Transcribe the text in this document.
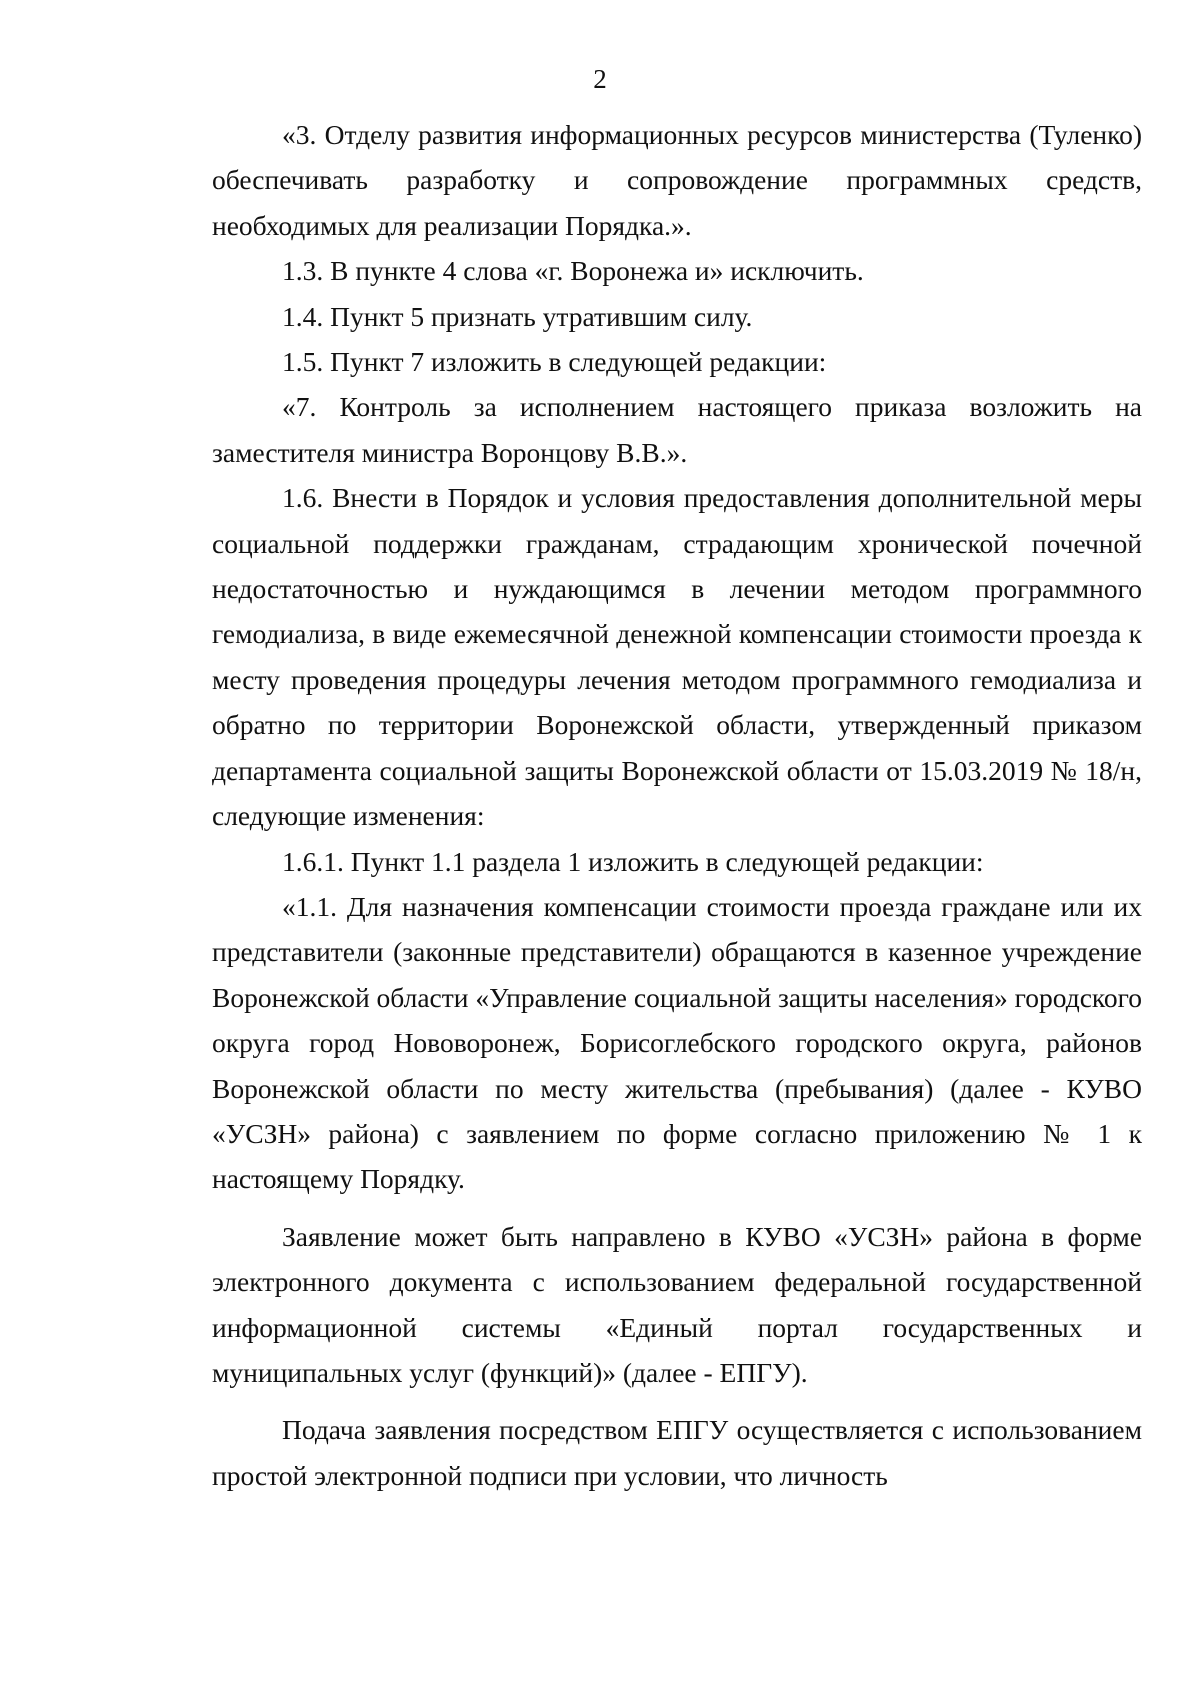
2

«3. Отделу развития информационных ресурсов министерства (Туленко) обеспечивать разработку и сопровождение программных средств, необходимых для реализации Порядка.».

1.3. В пункте 4 слова «г. Воронежа и» исключить.

1.4. Пункт 5 признать утратившим силу.

1.5. Пункт 7 изложить в следующей редакции:

«7. Контроль за исполнением настоящего приказа возложить на заместителя министра Воронцову В.В.».

1.6. Внести в Порядок и условия предоставления дополнительной меры социальной поддержки гражданам, страдающим хронической почечной недостаточностью и нуждающимся в лечении методом программного гемодиализа, в виде ежемесячной денежной компенсации стоимости проезда к месту проведения процедуры лечения методом программного гемодиализа и обратно по территории Воронежской области, утвержденный приказом департамента социальной защиты Воронежской области от 15.03.2019 № 18/н, следующие изменения:

1.6.1. Пункт 1.1 раздела 1 изложить в следующей редакции:

«1.1. Для назначения компенсации стоимости проезда граждане или их представители (законные представители) обращаются в казенное учреждение Воронежской области «Управление социальной защиты населения» городского округа город Нововоронеж, Борисоглебского городского округа, районов Воронежской области по месту жительства (пребывания) (далее - КУВО «УСЗН» района) с заявлением по форме согласно приложению № 1 к настоящему Порядку.

Заявление может быть направлено в КУВО «УСЗН» района в форме электронного документа с использованием федеральной государственной информационной системы «Единый портал государственных и муниципальных услуг (функций)» (далее - ЕПГУ).

Подача заявления посредством ЕПГУ осуществляется с использованием простой электронной подписи при условии, что личность
